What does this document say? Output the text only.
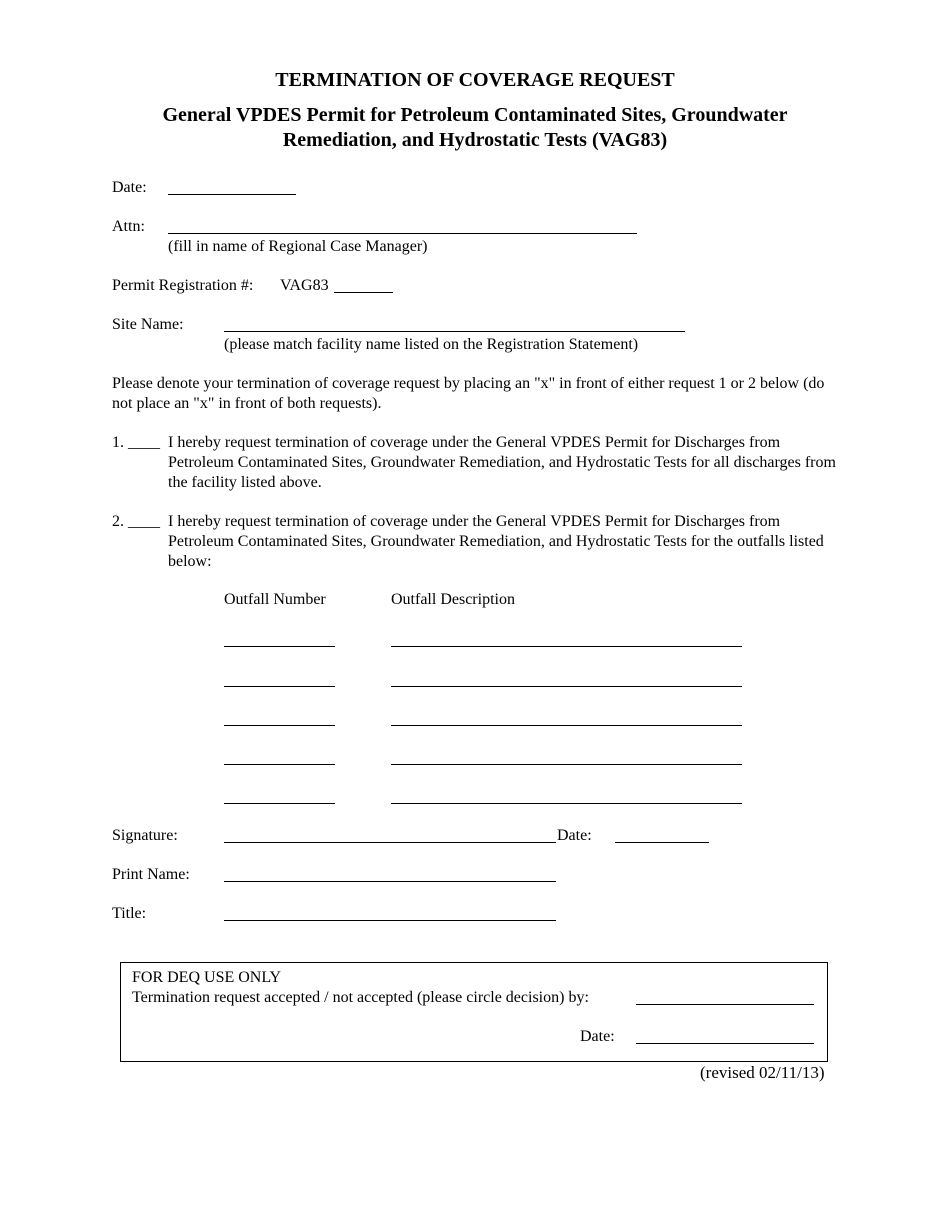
TERMINATION OF COVERAGE REQUEST
General VPDES Permit for Petroleum Contaminated Sites, Groundwater
Remediation, and Hydrostatic Tests (VAG83)
Date:
Attn:
(fill in name of Regional Case Manager)
Permit Registration #: VAG83
Site Name:
(please match facility name listed on the Registration Statement)
Please denote your termination of coverage request by placing an "x" in front of either request 1 or 2 below (do not place an "x" in front of both requests).
1. ____ I hereby request termination of coverage under the General VPDES Permit for Discharges from Petroleum Contaminated Sites, Groundwater Remediation, and Hydrostatic Tests for all discharges from the facility listed above.
2. ____ I hereby request termination of coverage under the General VPDES Permit for Discharges from Petroleum Contaminated Sites, Groundwater Remediation, and Hydrostatic Tests for the outfalls listed below:
Outfall Number	Outfall Description
Signature:	Date:
Print Name:
Title:
FOR DEQ USE ONLY
Termination request accepted / not accepted (please circle decision) by:
Date:
(revised 02/11/13)
